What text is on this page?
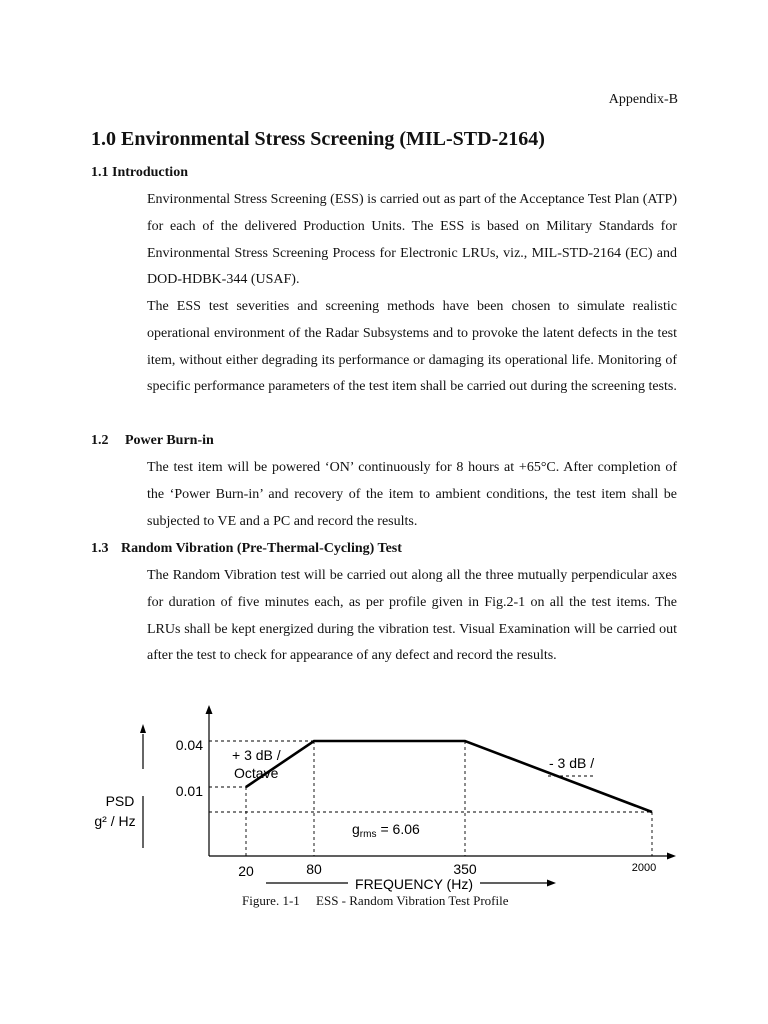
Appendix-B
1.0 Environmental Stress Screening (MIL-STD-2164)
1.1 Introduction

Environmental Stress Screening (ESS) is carried out as part of the Acceptance Test Plan (ATP) for each of the delivered Production Units. The ESS is based on Military Standards for Environmental Stress Screening Process for Electronic LRUs, viz., MIL-STD-2164 (EC) and DOD-HDBK-344 (USAF).

The ESS test severities and screening methods have been chosen to simulate realistic operational environment of the Radar Subsystems and to provoke the latent defects in the test item, without either degrading its performance or damaging its operational life. Monitoring of specific performance parameters of the test item shall be carried out during the screening tests.

1.2 Power Burn-in

The test item will be powered ‘ON’ continuously for 8 hours at +65°C. After completion of the ‘Power Burn-in’ and recovery of the item to ambient conditions, the test item shall be subjected to VE and a PC and record the results.

1.3 Random Vibration (Pre-Thermal-Cycling) Test

The Random Vibration test will be carried out along all the three mutually perpendicular axes for duration of five minutes each, as per profile given in Fig.2-1 on all the test items. The LRUs shall be kept energized during the vibration test. Visual Examination will be carried out after the test to check for appearance of any defect and record the results.

0.04
0.01
PSD
g² / Hz
20	80	350	2000
FREQUENCY (Hz)
+ 3 dB /
Octave
- 3 dB /
$g_{rms} = 6.06$
Figure. 1-1     ESS - Random Vibration Test Profile
